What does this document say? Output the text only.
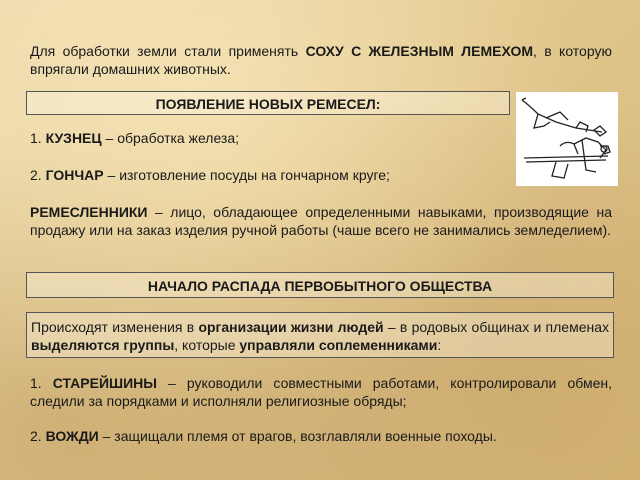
Для обработки земли стали применять СОХУ С ЖЕЛЕЗНЫМ ЛЕМЕХОМ, в которую впрягали домашних животных.

ПОЯВЛЕНИЕ НОВЫХ РЕМЕСЕЛ:

1. КУЗНЕЦ – обработка железа;

2. ГОНЧАР – изготовление посуды на гончарном круге;

РЕМЕСЛЕННИКИ – лицо, обладающее определенными навыками, производящие на продажу или на заказ изделия ручной работы (чаше всего не занимались земледелием).

НАЧАЛО РАСПАДА ПЕРВОБЫТНОГО ОБЩЕСТВА
Происходят изменения в организации жизни людей – в родовых общинах и племенах выделяются группы, которые управляли соплеменниками:

1. СТАРЕЙШИНЫ – руководили совместными работами, контролировали обмен, следили за порядками и исполняли религиозные обряды;

2. ВОЖДИ – защищали племя от врагов, возглавляли военные походы.
